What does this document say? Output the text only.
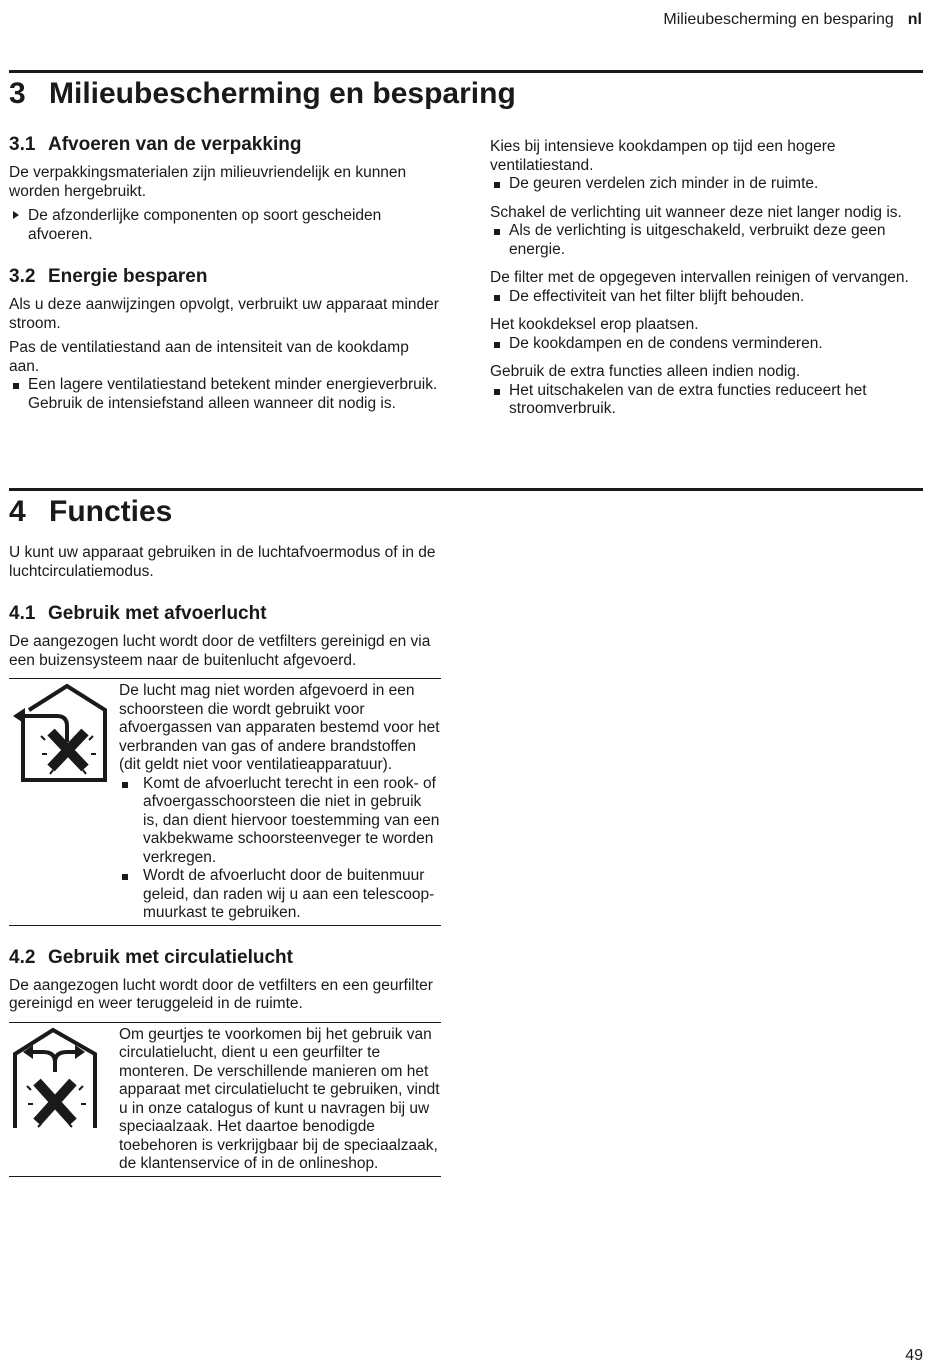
Milieubescherming en besparing nl
3 Milieubescherming en besparing
3.1 Afvoeren van de verpakking

De verpakkingsmaterialen zijn milieuvriendelijk en kunnen worden hergebruikt.

De afzonderlijke componenten op soort gescheiden afvoeren.

3.2 Energie besparen

Als u deze aanwijzingen opvolgt, verbruikt uw apparaat minder stroom.

Pas de ventilatiestand aan de intensiteit van de kookdamp aan.

Een lagere ventilatiestand betekent minder energieverbruik.
Gebruik de intensiefstand alleen wanneer dit nodig is.

Kies bij intensieve kookdampen op tijd een hogere ventilatiestand.

De geuren verdelen zich minder in de ruimte.

Schakel de verlichting uit wanneer deze niet langer nodig is.

Als de verlichting is uitgeschakeld, verbruikt deze geen energie.

De filter met de opgegeven intervallen reinigen of vervangen.

De effectiviteit van het filter blijft behouden.

Het kookdeksel erop plaatsen.

De kookdampen en de condens verminderen.

Gebruik de extra functies alleen indien nodig.

Het uitschakelen van de extra functies reduceert het stroomverbruik.

4 Functies

U kunt uw apparaat gebruiken in de luchtafvoermodus of in de luchtcirculatiemodus.

4.1 Gebruik met afvoerlucht

De aangezogen lucht wordt door de vetfilters gereinigd en via een buizensysteem naar de buitenlucht afgevoerd.

De lucht mag niet worden afgevoerd in een schoorsteen die wordt gebruikt voor afvoergassen van apparaten bestemd voor het verbranden van gas of andere brandstoffen (dit geldt niet voor ventilatieapparatuur).

Komt de afvoerlucht terecht in een rook- of afvoergasschoorsteen die niet in gebruik is, dan dient hiervoor toestemming van een vakbekwame schoorsteenveger te worden verkregen.

Wordt de afvoerlucht door de buitenmuur geleid, dan raden wij u aan een telescoop-muurkast te gebruiken.

4.2 Gebruik met circulatielucht

De aangezogen lucht wordt door de vetfilters en een geurfilter gereinigd en weer teruggeleid in de ruimte.

Om geurtjes te voorkomen bij het gebruik van circulatielucht, dient u een geurfilter te monteren. De verschillende manieren om het apparaat met circulatielucht te gebruiken, vindt u in onze catalogus of kunt u navragen bij uw speciaalzaak. Het daartoe benodigde toebehoren is verkrijgbaar bij de speciaalzaak, de klantenservice of in de onlineshop.

49
